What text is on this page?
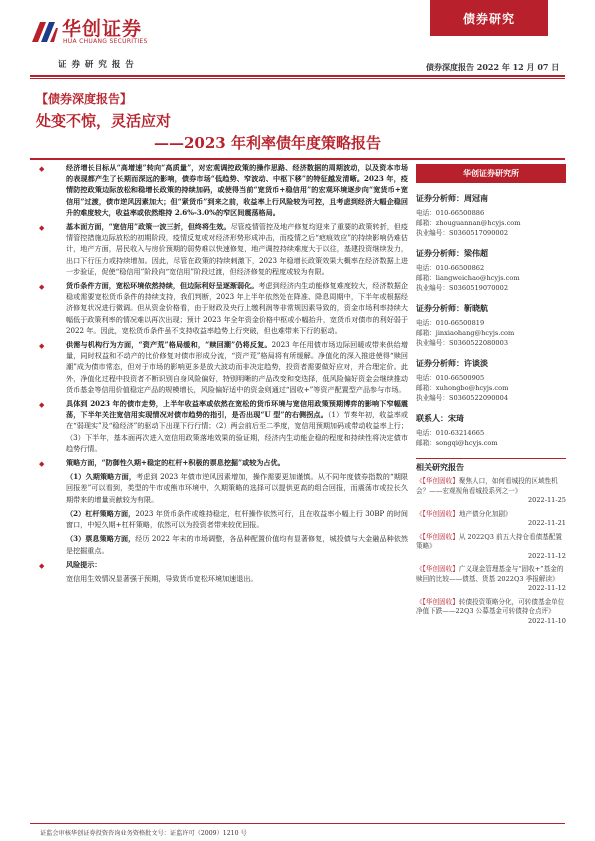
华创证券
HUA CHUANG SECURITIES
债券研究
证 券 研 究 报 告	债券深度报告 2022 年 12 月 07 日
【债券深度报告】
处变不惊，灵活应对
——2023 年利率债年度策略报告
◆	经济增长目标从“高增速”转向“高质量”，对宏观调控政策的操作思路、经济数据的周期波动，以及资本市场的表现都产生了长期而深远的影响，债券市场“低趋势、窄波动、中枢下移”的特征越发清晰。2023 年，疫情防控政策边际放松和稳增长政策的持续加码，或使得当前“宽货币+稳信用”的宏观环境逐步向“宽货币+宽信用”过渡，债市逆风因素加大；但“紧货币”到来之前，收益率上行风险较为可控，且考虑到经济大幅企稳回升的难度较大，收益率或依然维持 2.6%-3.0%的窄区间震荡格局。
◆	基本面方面，“宽信用”政策一波三折，但终将生效。尽管疫情管控及地产修复均迎来了重要的政策转折，但疫情管控措施边际放松的初期阶段，疫情反复或对经济形势形成冲击，而疫情之后“疤痕效应”的持续影响仍难估计，地产方面，居民收入与房价预期的弱势难以快速修复，地产调控持续难度大于以往，基建投资继续发力，出口下行压力或持续增加。因此，尽管在政策的持续刺激下，2023 年稳增长政策效果大概率在经济数据上进一步验证，促使“稳信用”阶段向“宽信用”阶段过渡，但经济修复的程度或较为有限。
◆	货币条件方面，宽松环境依然持续，但边际利好呈逐渐弱化。考虑到经济内生动能修复难度较大，经济数据企稳或需要宽松货币条件的持续支持，我们判断，2023 年上半年依然处在降准、降息周期中，下半年或根据经济修复状况进行微调。但从资金价格看，由于财政及央行上缴利润等非常规因素导致的，资金市场利率持续大幅低于政策利率的情况难以再次出现；预计 2023 年全年资金价格中枢或小幅抬升，宽货币对债市的利好弱于 2022 年。因此，宽松货币条件虽不支持收益率趋势上行突破，但也难带来下行的驱动。
◆	供需与机构行为方面，“资产荒”格局缓和，“赎回潮”仍将反复。2023 年任用债市场边际回暖或带来供给增量，同时权益和不动产的比价修复对债市形成分流，“资产荒”格局将有所缓解。净值化的深入推进使得“赎回潮”成为债市常态，但对于市场的影响更多是放大波动而非决定趋势，投资者需要做好应对，并合理定价。此外，净值化过程中投资者不断识别自身风险偏好，特别明晰的产品改变和变迭择，低风险偏好资金会继续推动货币基金等信用价值稳定产品的规模增长，风险偏好适中的资金则通过“固收+”等资产配置型产品参与市场。
◆	具体到 2023 年的债市走势，上半年收益率或依然在宽松的货币环境与宽信用政策预期博弈的影响下窄幅震荡，下半年关注宽信用实现情况对债市趋势的指引，是否出现“U 型”的右侧拐点。（1）节奏年初，收益率或在“弱现实”及“稳经济”的驱动下出现下行行情；（2）两会前后至二季度，宽信用预期加码或带动收益率上行；（3）下半年，基本面再次进入宽信用政策落地效果的验证期，经济内生动能企稳的程度和持续性将决定债市趋势行情。
◆	策略方面，“防御性久期+稳定的杠杆+积极的票息挖掘”或较为占优。
（1）久期策略方面，考虑到 2023 年债市逆风因素增加，操作需要更加谨慎。从不同年度债券指数的“期限回报差”可以看到，类型的牛市或熊市环境中，久期策略的选择可以提供更高的组合回报，而震荡市或拉长久期带来的增量贡献较为有限。
（2）杠杆策略方面，2023 年货币条件或维持稳定，杠杆操作依然可行，且在收益率小幅上行 30BP 的时间窗口，中短久期+杠杆策略，依然可以为投资者带来较优回报。
（3）票息策略方面，经历 2022 年末的市场调整，各品种配置价值均有显著修复，城投债与大金融品种依然是挖掘重点。
◆	风险提示：
宽信用生效情况显著强于预期，导致货币宽松环境加速退出。
华创证券研究所
证券分析师：周冠南
电话：010-66500886
邮箱：zhouguannan@hcyjs.com
执业编号：S0360517090002
证券分析师：梁伟超
电话：010-66500862
邮箱：liangweichao@hcyjs.com
执业编号：S0360519070002
证券分析师：靳晓航
电话：010-66500819
邮箱：jinxiaohang@hcyjs.com
执业编号：S0360522080003
证券分析师：许谈淡
电话：010-66500905
邮箱：xuhongbo@hcyjs.com
执业编号：S0360522090004
联系人：宋琦
电话：010-63214665
邮箱：songqi@hcyjs.com
相关研究报告
《【华创固收】聚焦人口，如何看城投的区域性机会？——宏观视角看城投系列之一》
2022-11-25
《【华创固收】地产债分化加剧》
2022-11-21
《【华创固收】从 2022Q3 前五大持仓看债基配置策略》
2022-11-12
《【华创固收】广义现金管理基金与“固收+”基金的赎回的比较——债基、货基 2022Q3 季报解读》
2022-11-12
《【华创固收】转债投资策略分化，可转债基金单位净值下跌——22Q3 公募基金可转债持仓点评》
2022-11-10
证监会审核华创证券投资咨询业务资格批文号：证监许可（2009）1210 号
